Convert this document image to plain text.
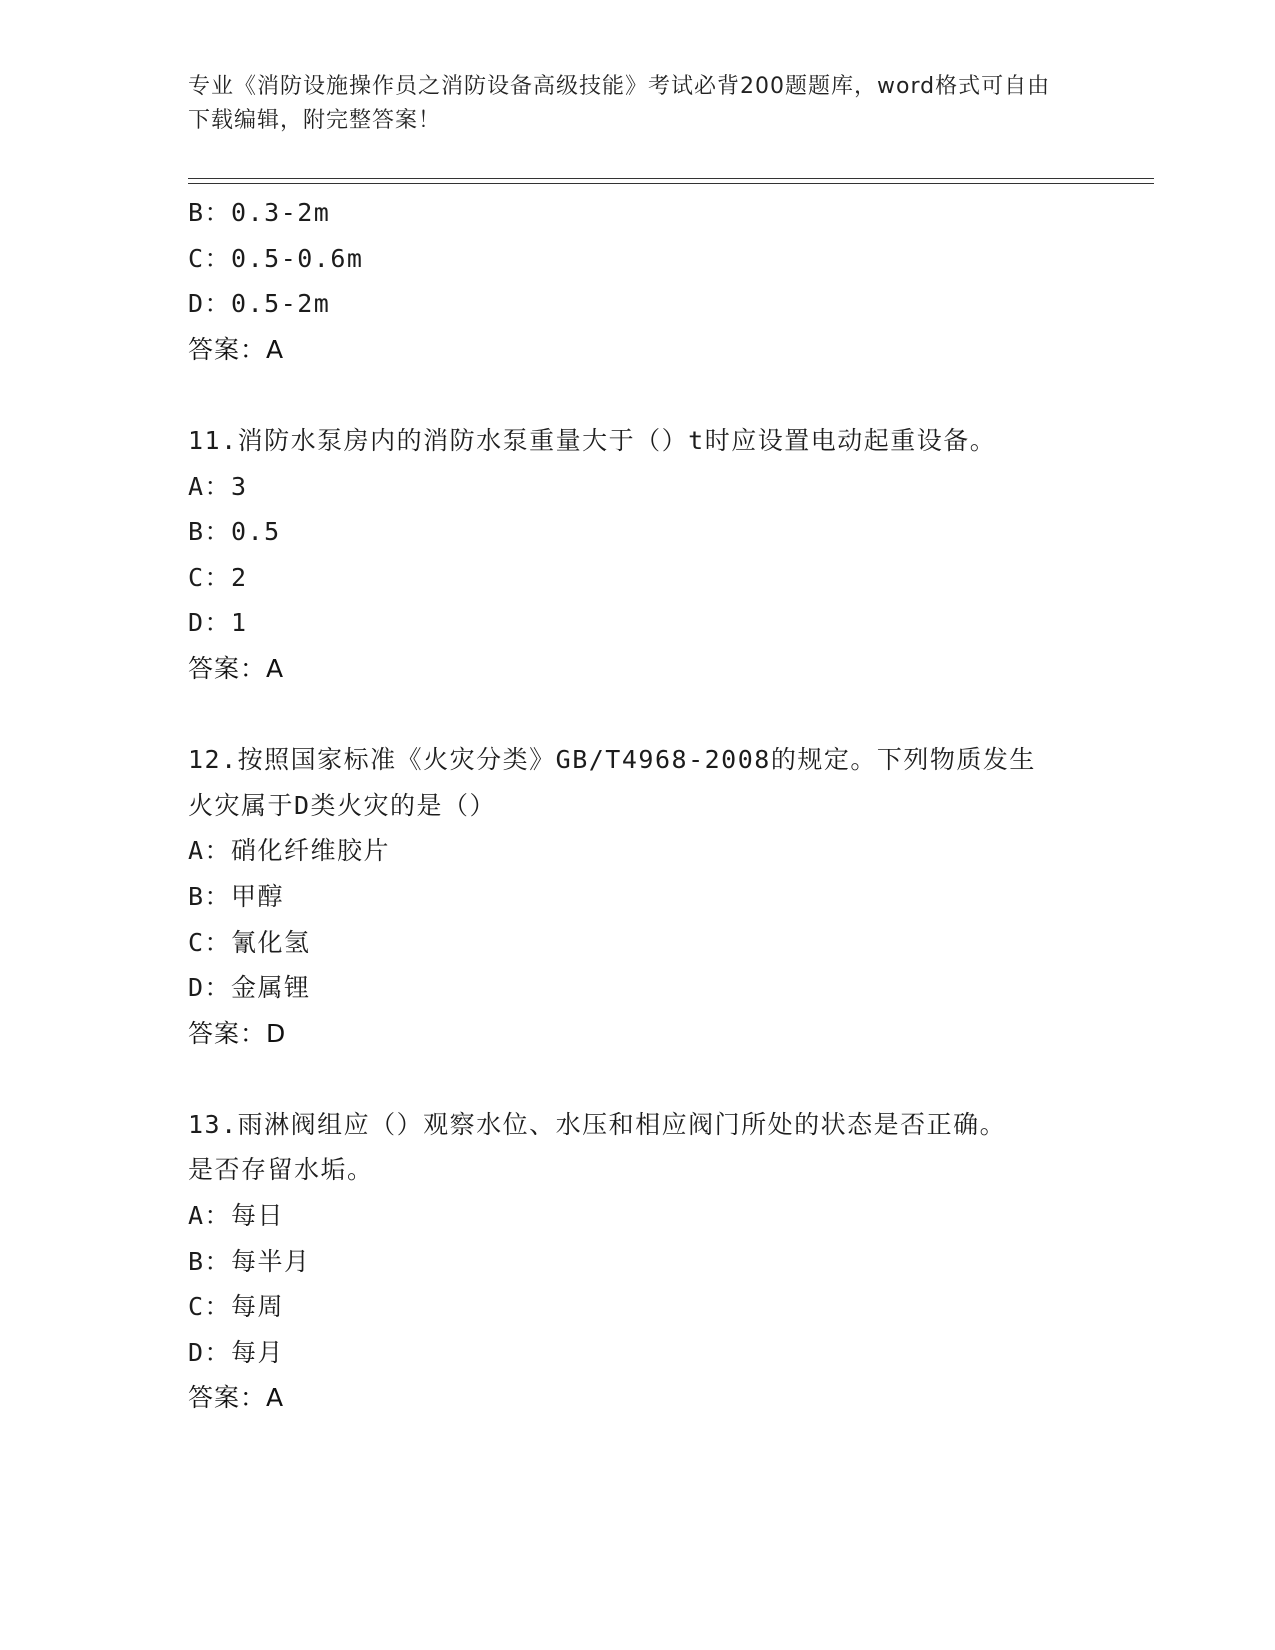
专业《消防设施操作员之消防设备高级技能》考试必背200题题库，word格式可自由下载编辑，附完整答案！
B：0.3-2m
C：0.5-0.6m
D：0.5-2m
答案：A
11.消防水泵房内的消防水泵重量大于（）t时应设置电动起重设备。
A：3
B：0.5
C：2
D：1
答案：A
12.按照国家标准《火灾分类》GB/T4968-2008的规定。下列物质发生
火灾属于D类火灾的是（）
A：硝化纤维胶片
B：甲醇
C：氰化氢
D：金属锂
答案：D
13.雨淋阀组应（）观察水位、水压和相应阀门所处的状态是否正确。
是否存留水垢。
A：每日
B：每半月
C：每周
D：每月
答案：A
